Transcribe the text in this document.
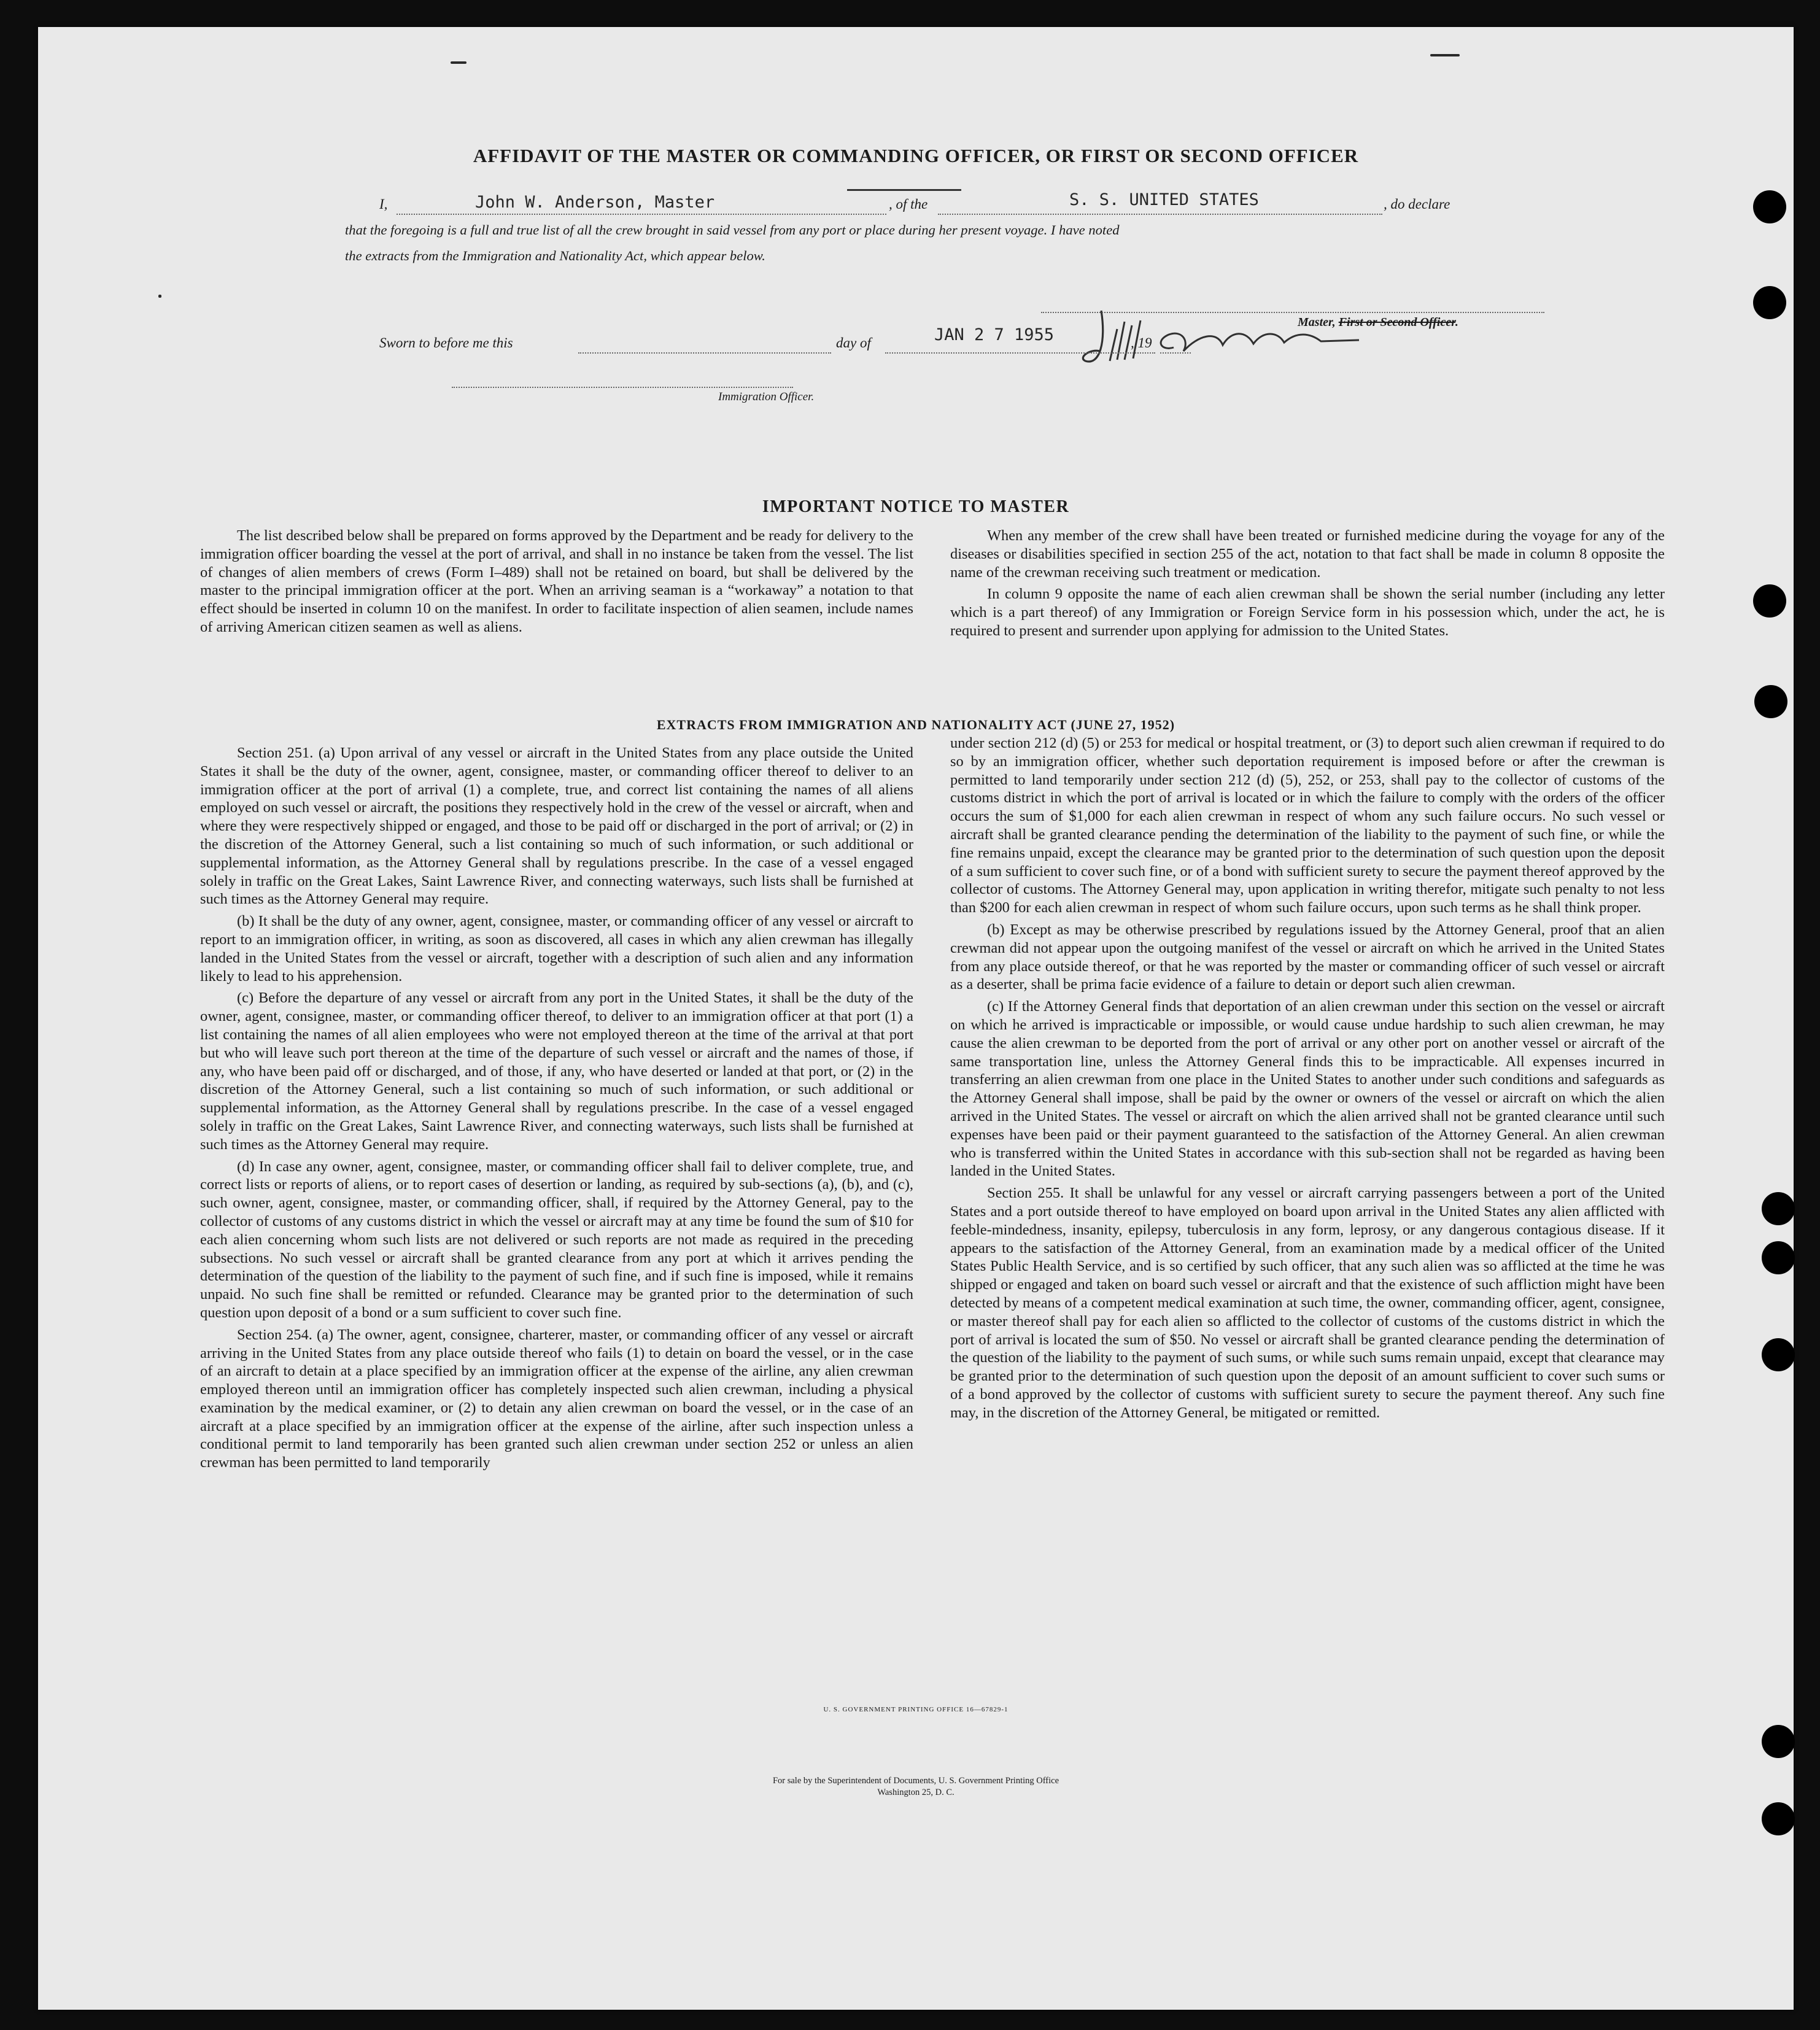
AFFIDAVIT OF THE MASTER OR COMMANDING OFFICER, OR FIRST OR SECOND OFFICER
I,	John W. Anderson, Master	, of the	S. S. UNITED STATES	, do declare
that the foregoing is a full and true list of all the crew brought in said vessel from any port or place during her present voyage. I have noted
the extracts from the Immigration and Nationality Act, which appear below.
Master, First or Second Officer.
Sworn to before me this	day of	JAN 2 7 1955	, 19
Immigration Officer.
IMPORTANT NOTICE TO MASTER

The list described below shall be prepared on forms approved by the Department and be ready for delivery to the immigration officer boarding the vessel at the port of arrival, and shall in no instance be taken from the vessel. The list of changes of alien members of crews (Form I–489) shall not be retained on board, but shall be delivered by the master to the principal immigration officer at the port. When an arriving seaman is a “workaway” a notation to that effect should be inserted in column 10 on the manifest. In order to facilitate inspection of alien seamen, include names of arriving American citizen seamen as well as aliens.

When any member of the crew shall have been treated or furnished medicine during the voyage for any of the diseases or disabilities specified in section 255 of the act, notation to that fact shall be made in column 8 opposite the name of the crewman receiving such treatment or medication.

In column 9 opposite the name of each alien crewman shall be shown the serial number (including any letter which is a part thereof) of any Immigration or Foreign Service form in his possession which, under the act, he is required to present and surrender upon applying for admission to the United States.

EXTRACTS FROM IMMIGRATION AND NATIONALITY ACT (JUNE 27, 1952)

Section 251. (a) Upon arrival of any vessel or aircraft in the United States from any place outside the United States it shall be the duty of the owner, agent, consignee, master, or commanding officer thereof to deliver to an immigration officer at the port of arrival (1) a complete, true, and correct list containing the names of all aliens employed on such vessel or aircraft, the positions they respectively hold in the crew of the vessel or aircraft, when and where they were respectively shipped or engaged, and those to be paid off or discharged in the port of arrival; or (2) in the discretion of the Attorney General, such a list containing so much of such information, or such additional or supplemental information, as the Attorney General shall by regulations prescribe. In the case of a vessel engaged solely in traffic on the Great Lakes, Saint Lawrence River, and connecting waterways, such lists shall be furnished at such times as the Attorney General may require.

(b) It shall be the duty of any owner, agent, consignee, master, or commanding officer of any vessel or aircraft to report to an immigration officer, in writing, as soon as discovered, all cases in which any alien crewman has illegally landed in the United States from the vessel or aircraft, together with a description of such alien and any information likely to lead to his apprehension.

(c) Before the departure of any vessel or aircraft from any port in the United States, it shall be the duty of the owner, agent, consignee, master, or commanding officer thereof, to deliver to an immigration officer at that port (1) a list containing the names of all alien employees who were not employed thereon at the time of the arrival at that port but who will leave such port thereon at the time of the departure of such vessel or aircraft and the names of those, if any, who have been paid off or discharged, and of those, if any, who have deserted or landed at that port, or (2) in the discretion of the Attorney General, such a list containing so much of such information, or such additional or supplemental information, as the Attorney General shall by regulations prescribe. In the case of a vessel engaged solely in traffic on the Great Lakes, Saint Lawrence River, and connecting waterways, such lists shall be furnished at such times as the Attorney General may require.

(d) In case any owner, agent, consignee, master, or commanding officer shall fail to deliver complete, true, and correct lists or reports of aliens, or to report cases of desertion or landing, as required by sub-sections (a), (b), and (c), such owner, agent, consignee, master, or commanding officer, shall, if required by the Attorney General, pay to the collector of customs of any customs district in which the vessel or aircraft may at any time be found the sum of $10 for each alien concerning whom such lists are not delivered or such reports are not made as required in the preceding subsections. No such vessel or aircraft shall be granted clearance from any port at which it arrives pending the determination of the question of the liability to the payment of such fine, and if such fine is imposed, while it remains unpaid. No such fine shall be remitted or refunded. Clearance may be granted prior to the determination of such question upon deposit of a bond or a sum sufficient to cover such fine.

Section 254. (a) The owner, agent, consignee, charterer, master, or commanding officer of any vessel or aircraft arriving in the United States from any place outside thereof who fails (1) to detain on board the vessel, or in the case of an aircraft to detain at a place specified by an immigration officer at the expense of the airline, any alien crewman employed thereon until an immigration officer has completely inspected such alien crewman, including a physical examination by the medical examiner, or (2) to detain any alien crewman on board the vessel, or in the case of an aircraft at a place specified by an immigration officer at the expense of the airline, after such inspection unless a conditional permit to land temporarily has been granted such alien crewman under section 252 or unless an alien crewman has been permitted to land temporarily

under section 212 (d) (5) or 253 for medical or hospital treatment, or (3) to deport such alien crewman if required to do so by an immigration officer, whether such deportation requirement is imposed before or after the crewman is permitted to land temporarily under section 212 (d) (5), 252, or 253, shall pay to the collector of customs of the customs district in which the port of arrival is located or in which the failure to comply with the orders of the officer occurs the sum of $1,000 for each alien crewman in respect of whom any such failure occurs. No such vessel or aircraft shall be granted clearance pending the determination of the liability to the payment of such fine, or while the fine remains unpaid, except the clearance may be granted prior to the determination of such question upon the deposit of a sum sufficient to cover such fine, or of a bond with sufficient surety to secure the payment thereof approved by the collector of customs. The Attorney General may, upon application in writing therefor, mitigate such penalty to not less than $200 for each alien crewman in respect of whom such failure occurs, upon such terms as he shall think proper.

(b) Except as may be otherwise prescribed by regulations issued by the Attorney General, proof that an alien crewman did not appear upon the outgoing manifest of the vessel or aircraft on which he arrived in the United States from any place outside thereof, or that he was reported by the master or commanding officer of such vessel or aircraft as a deserter, shall be prima facie evidence of a failure to detain or deport such alien crewman.

(c) If the Attorney General finds that deportation of an alien crewman under this section on the vessel or aircraft on which he arrived is impracticable or impossible, or would cause undue hardship to such alien crewman, he may cause the alien crewman to be deported from the port of arrival or any other port on another vessel or aircraft of the same transportation line, unless the Attorney General finds this to be impracticable. All expenses incurred in transferring an alien crewman from one place in the United States to another under such conditions and safeguards as the Attorney General shall impose, shall be paid by the owner or owners of the vessel or aircraft on which the alien arrived in the United States. The vessel or aircraft on which the alien arrived shall not be granted clearance until such expenses have been paid or their payment guaranteed to the satisfaction of the Attorney General. An alien crewman who is transferred within the United States in accordance with this sub-section shall not be regarded as having been landed in the United States.

Section 255. It shall be unlawful for any vessel or aircraft carrying passengers between a port of the United States and a port outside thereof to have employed on board upon arrival in the United States any alien afflicted with feeble-mindedness, insanity, epilepsy, tuberculosis in any form, leprosy, or any dangerous contagious disease. If it appears to the satisfaction of the Attorney General, from an examination made by a medical officer of the United States Public Health Service, and is so certified by such officer, that any such alien was so afflicted at the time he was shipped or engaged and taken on board such vessel or aircraft and that the existence of such affliction might have been detected by means of a competent medical examination at such time, the owner, commanding officer, agent, consignee, or master thereof shall pay for each alien so afflicted to the collector of customs of the customs district in which the port of arrival is located the sum of $50. No vessel or aircraft shall be granted clearance pending the determination of the question of the liability to the payment of such sums, or while such sums remain unpaid, except that clearance may be granted prior to the determination of such question upon the deposit of an amount sufficient to cover such sums or of a bond approved by the collector of customs with sufficient surety to secure the payment thereof. Any such fine may, in the discretion of the Attorney General, be mitigated or remitted.

U. S. GOVERNMENT PRINTING OFFICE 16—67829-1
For sale by the Superintendent of Documents, U. S. Government Printing Office
Washington 25, D. C.
